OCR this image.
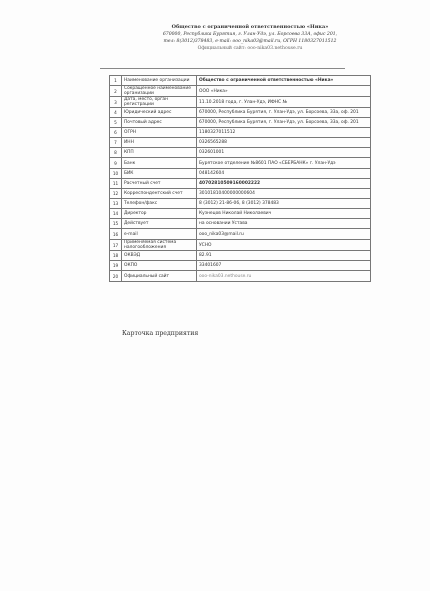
Общество с ограниченной ответственностью «Ника»
670000, Республика Бурятия, г. Улан-Удэ, ул. Борсоева 33А, офис 201,
тел: 8(3012)378483, e-mail: ooo_nika03@mail.ru, ОГРН 1180327011512
Официальный сайт: ooo-nika03.nethouse.ru
1	Наименование организации	Общество с ограниченной ответственностью «Ника»
2	Сокращенное наименование организации	ООО «Ника»
3	Дата, место, орган регистрации	11.10.2018 года, г. Улан-Удэ, ИФНС №
4	Юридический адрес	670000, Республика Бурятия, г. Улан-Удэ, ул. Борсоева, 33а, оф. 201
5	Почтовый адрес	670000, Республика Бурятия, г. Улан-Удэ, ул. Борсоева, 33а, оф. 201
6	ОГРН	1180327011512
7	ИНН	0326565288
8	КПП	032601001
9	Банк	Бурятское отделение №8601 ПАО «СБЕРБАНК» г. Улан-Удэ
10	БИК	048142604
11	Расчетный счет	40702810509160002222
12	Корреспондентский счет	30101810400000000604
13	Телефон/факс	8 (3012) 21-86-06, 8 (3012) 378483
14	Директор	Кузнецов Николай Николаевич
15	Действует	на основании Устава
16	e-mail	ooo_nika03@mail.ru
17	Применяемая система налогообложения	УСНО
18	ОКВЭД	82.91
19	ОКПО	33401607
20	Официальный сайт	ooo-nika03.nethouse.ru
Карточка предприятия
